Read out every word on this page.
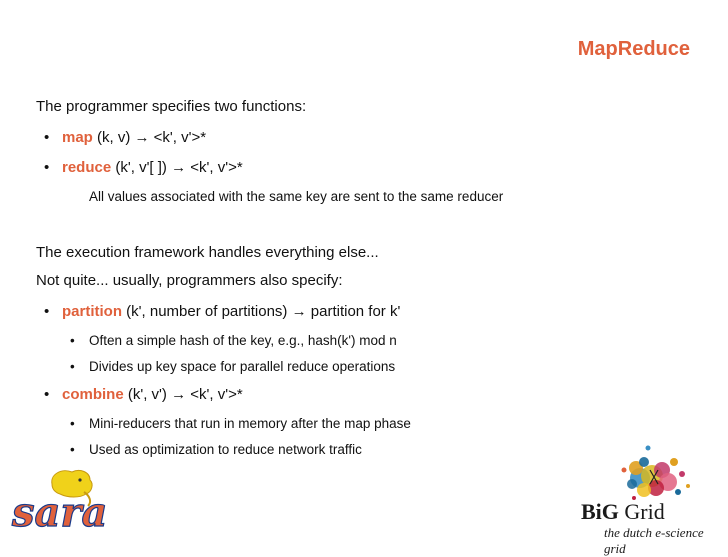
MapReduce
The programmer specifies two functions:
• map (k, v) → <k', v'>*
• reduce (k', v'[ ]) → <k', v'>*
All values associated with the same key are sent to the same reducer
The execution framework handles everything else...
Not quite... usually, programmers also specify:
• partition (k', number of partitions) → partition for k'
• Often a simple hash of the key, e.g., hash(k') mod n
• Divides up key space for parallel reduce operations
• combine (k', v') → <k', v'>*
• Mini-reducers that run in memory after the map phase
• Used as optimization to reduce network traffic
sara	BiG Grid
the dutch e-science grid
